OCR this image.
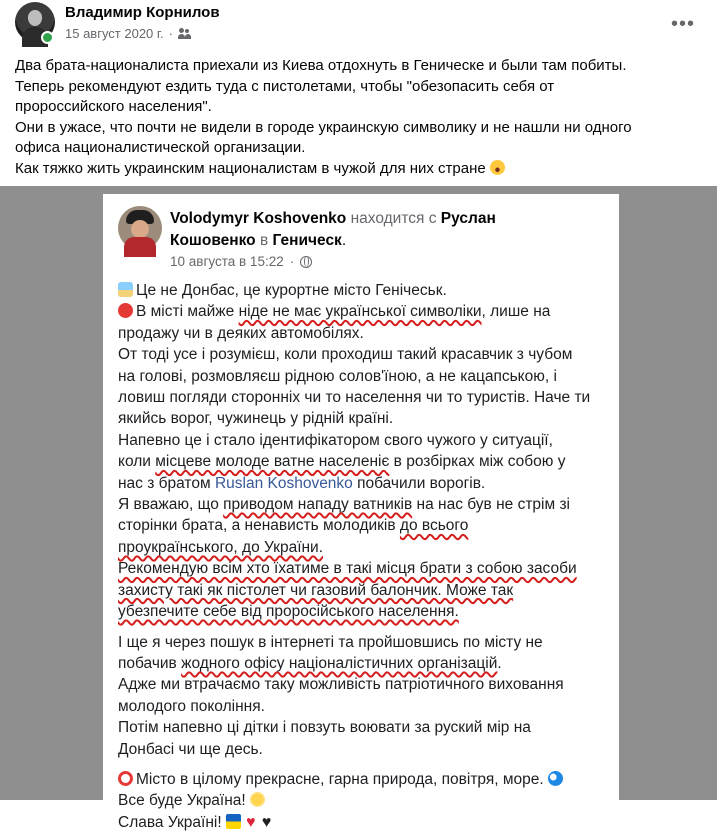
Владимир Корнилов
15 август 2020 г. ·	•••

Два брата-националиста приехали из Киева отдохнуть в Геническе и были там побиты.

Теперь рекомендуют ездить туда с пистолетами, чтобы "обезопасить себя от

пророссийского населения".

Они в ужасе, что почти не видели в городе украинскую символику и не нашли ни одного

офиса националистической организации.

Как тяжко жить украинским националистам в чужой для них стране

Volodymyr Koshovenko находится с Руслан
Кошовенко в Геническ.
10 августа в 15:22 ·

Це не Донбас, це курортне місто Генічеськ.

В місті майже ніде не має української символіки, лише на

продажу чи в деяких автомобілях.

От тоді усе і розумієш, коли проходиш такий красавчик з чубом

на голові, розмовляєш рідною солов'їною, а не кацапською, і

ловиш погляди сторонніх чи то населення чи то туристів. Наче ти

якийсь ворог, чужинець у рідній країні.

Напевно це і стало ідентифікатором свого чужого у ситуації,

коли місцеве молоде ватне населеніє в розбірках між собою у

нас з братом Ruslan Koshovenko побачили ворогів.

Я вважаю, що приводом нападу ватників на нас був не стрім зі

сторінки брата, а ненависть молодиків до всього

проукраїнського, до України.

Рекомендую всім хто їхатиме в такі місця брати з собою засоби

захисту такі як пістолет чи газовий балончик. Може так

убезпечите себе від проросійського населення.

І ще я через пошук в інтернеті та пройшовшись по місту не

побачив жодного офісу націоналістичних організацій.

Адже ми втрачаємо таку можливість патріотичного виховання

молодого покоління.

Потім напевно ці дітки і повзуть воювати за руский мір на

Донбасі чи ще десь.

Місто в цілому прекрасне, гарна природа, повітря, море.

Все буде Україна!

Слава Україні! ♥ ♥
